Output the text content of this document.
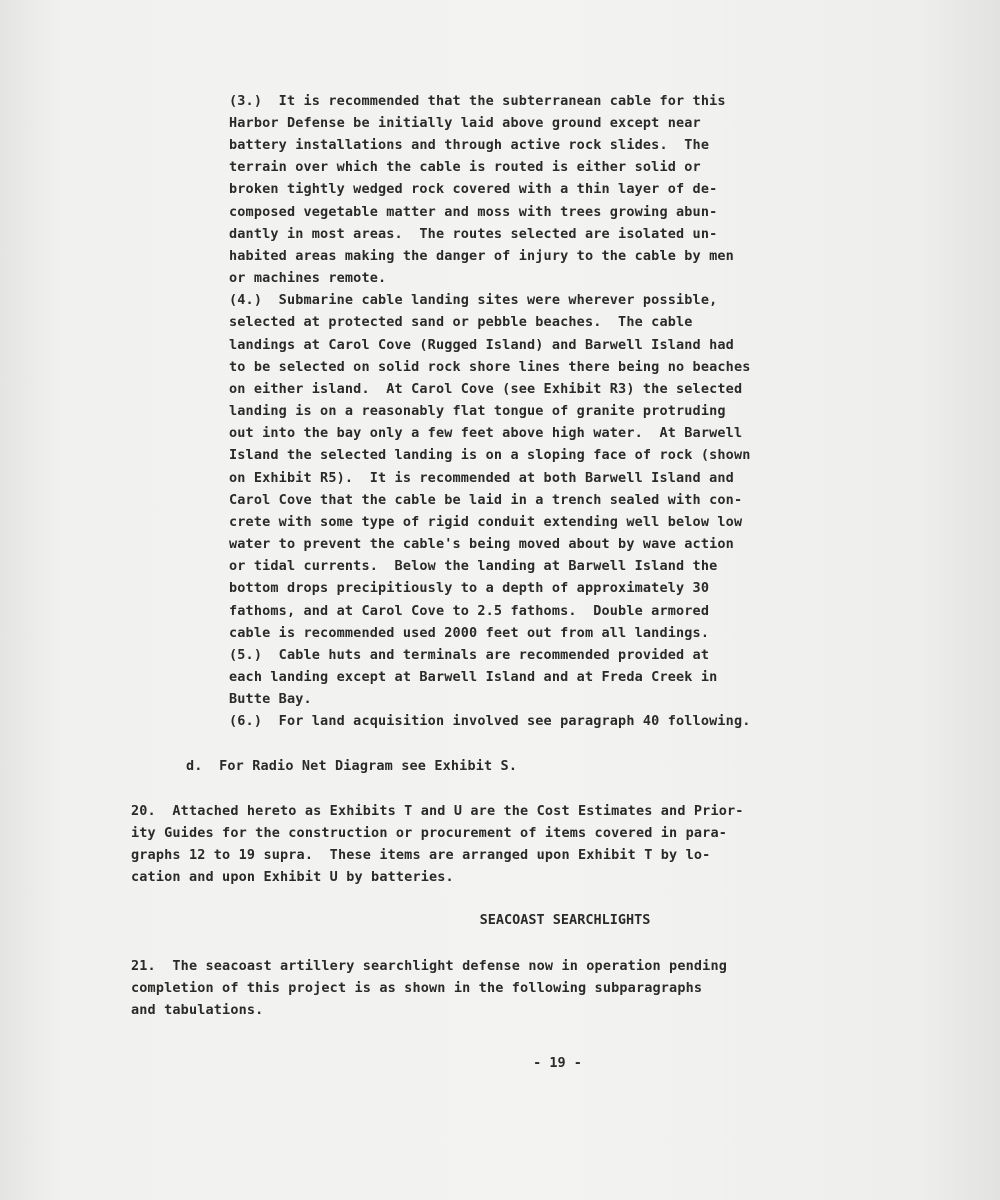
(3.)  It is recommended that the subterranean cable for this
Harbor Defense be initially laid above ground except near
battery installations and through active rock slides.  The
terrain over which the cable is routed is either solid or
broken tightly wedged rock covered with a thin layer of de-
composed vegetable matter and moss with trees growing abun-
dantly in most areas.  The routes selected are isolated un-
habited areas making the danger of injury to the cable by men
or machines remote.
(4.)  Submarine cable landing sites were wherever possible,
selected at protected sand or pebble beaches.  The cable
landings at Carol Cove (Rugged Island) and Barwell Island had
to be selected on solid rock shore lines there being no beaches
on either island.  At Carol Cove (see Exhibit R3) the selected
landing is on a reasonably flat tongue of granite protruding
out into the bay only a few feet above high water.  At Barwell
Island the selected landing is on a sloping face of rock (shown
on Exhibit R5).  It is recommended at both Barwell Island and
Carol Cove that the cable be laid in a trench sealed with con-
crete with some type of rigid conduit extending well below low
water to prevent the cable's being moved about by wave action
or tidal currents.  Below the landing at Barwell Island the
bottom drops precipitiously to a depth of approximately 30
fathoms, and at Carol Cove to 2.5 fathoms.  Double armored
cable is recommended used 2000 feet out from all landings.
(5.)  Cable huts and terminals are recommended provided at
each landing except at Barwell Island and at Freda Creek in
Butte Bay.
(6.)  For land acquisition involved see paragraph 40 following.
d.  For Radio Net Diagram see Exhibit S.
20.  Attached hereto as Exhibits T and U are the Cost Estimates and Prior-
ity Guides for the construction or procurement of items covered in para-
graphs 12 to 19 supra.  These items are arranged upon Exhibit T by lo-
cation and upon Exhibit U by batteries.
SEACOAST SEARCHLIGHTS
21.  The seacoast artillery searchlight defense now in operation pending
completion of this project is as shown in the following subparagraphs
and tabulations.
- 19 -
